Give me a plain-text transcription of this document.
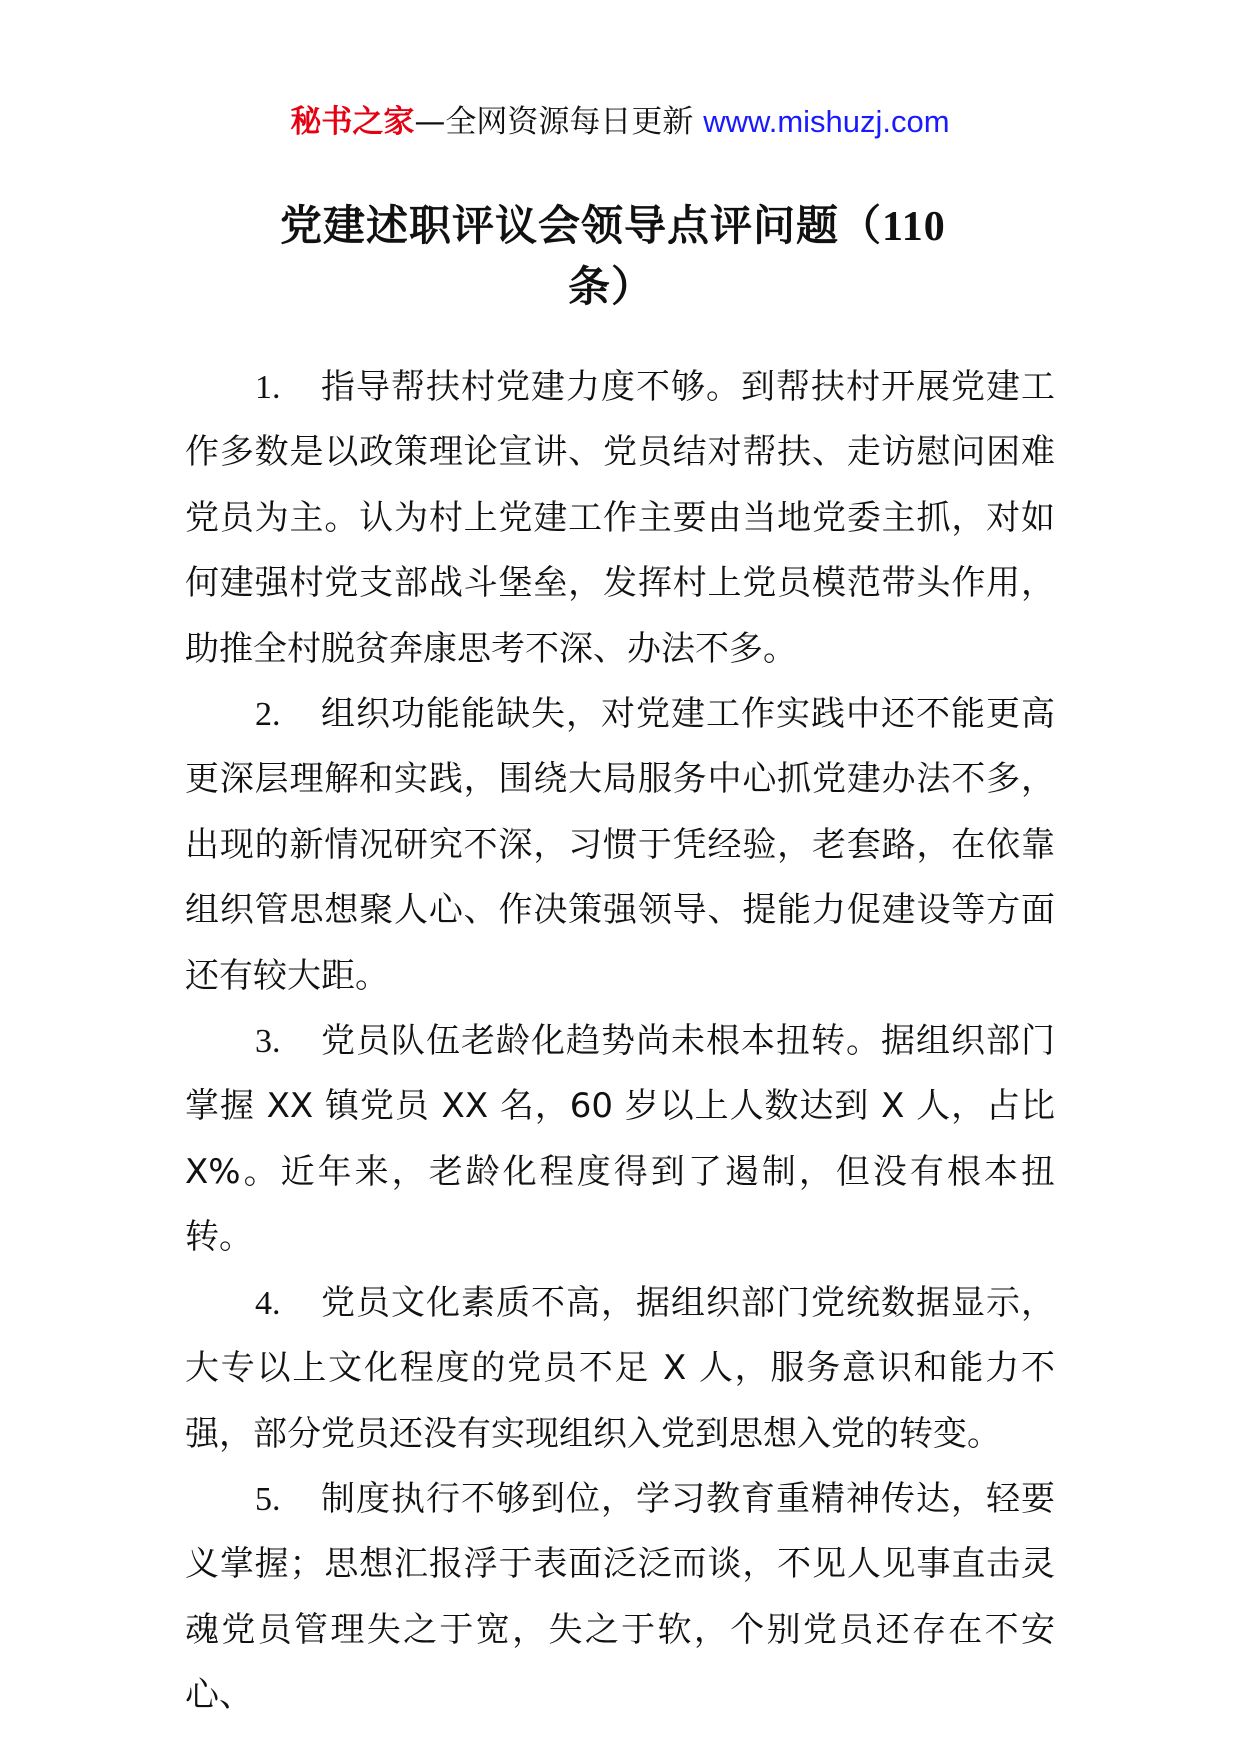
秘书之家—全网资源每日更新 www.mishuzj.com
党建述职评议会领导点评问题（110
条）

1. 指导帮扶村党建力度不够。到帮扶村开展党建工作多数是以政策理论宣讲、党员结对帮扶、走访慰问困难党员为主。认为村上党建工作主要由当地党委主抓，对如何建强村党支部战斗堡垒，发挥村上党员模范带头作用，助推全村脱贫奔康思考不深、办法不多。

2. 组织功能能缺失，对党建工作实践中还不能更高更深层理解和实践，围绕大局服务中心抓党建办法不多，出现的新情况研究不深，习惯于凭经验，老套路，在依靠组织管思想聚人心、作决策强领导、提能力促建设等方面还有较大距。

3. 党员队伍老龄化趋势尚未根本扭转。据组织部门掌握 XX 镇党员 XX 名，60 岁以上人数达到 X 人，占比 X%。近年来，老龄化程度得到了遏制，但没有根本扭转。

4. 党员文化素质不高，据组织部门党统数据显示，大专以上文化程度的党员不足 X 人，服务意识和能力不强，部分党员还没有实现组织入党到思想入党的转变。

5. 制度执行不够到位，学习教育重精神传达，轻要义掌握；思想汇报浮于表面泛泛而谈，不见人见事直击灵魂党员管理失之于宽，失之于软，个别党员还存在不安心、
